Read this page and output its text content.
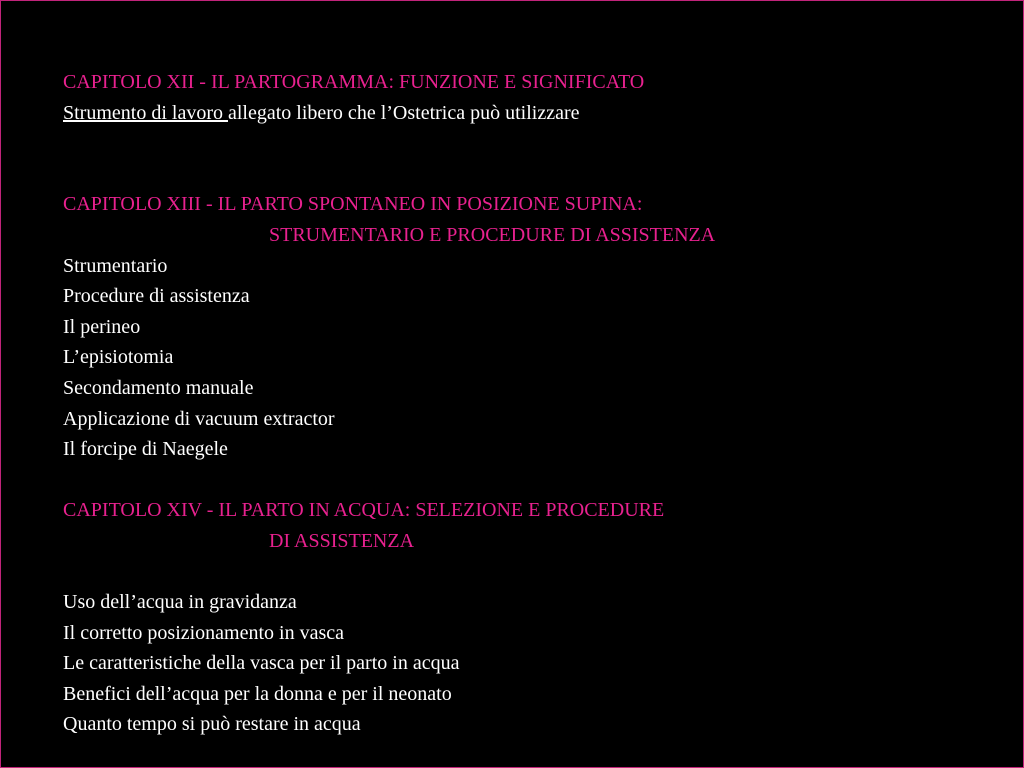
CAPITOLO XII - IL PARTOGRAMMA: FUNZIONE E SIGNIFICATO
Strumento di lavoro allegato libero che l’Ostetrica può utilizzare
CAPITOLO XIII - IL PARTO SPONTANEO IN POSIZIONE SUPINA:
STRUMENTARIO E PROCEDURE DI ASSISTENZA
Strumentario
Procedure di assistenza
Il perineo
L’episiotomia
Secondamento manuale
Applicazione di vacuum extractor
Il forcipe di Naegele
CAPITOLO XIV - IL PARTO IN ACQUA: SELEZIONE E PROCEDURE
DI ASSISTENZA
Uso dell’acqua in gravidanza
Il corretto posizionamento in vasca
Le caratteristiche della vasca per il parto in acqua
Benefici dell’acqua per la donna e per il neonato
Quanto tempo si può restare in acqua
